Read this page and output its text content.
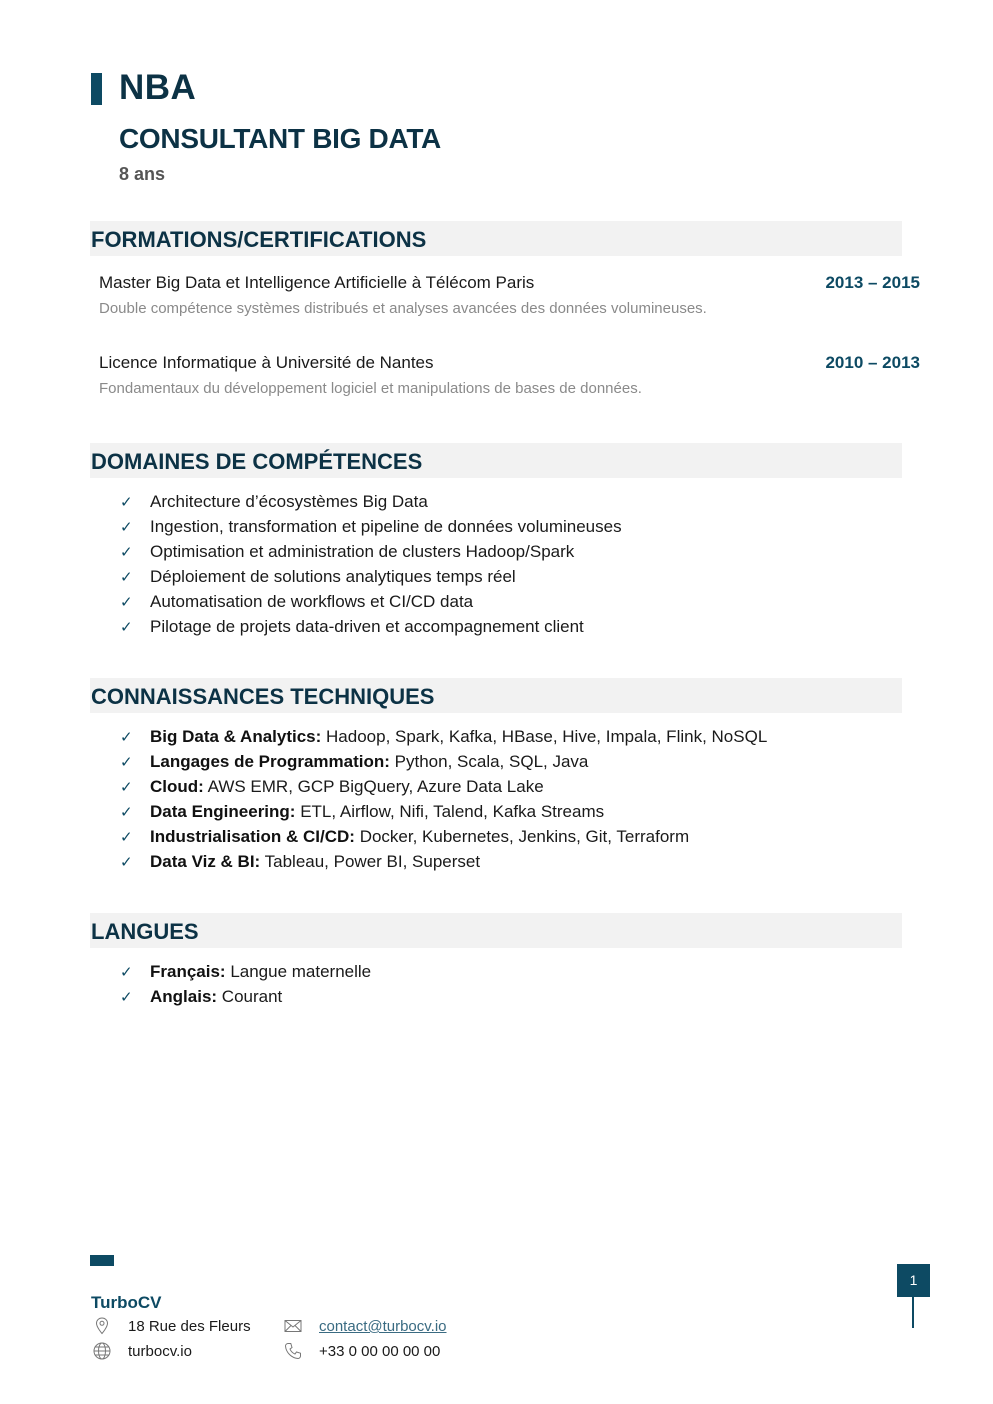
NBA
CONSULTANT BIG DATA
8 ans
FORMATIONS/CERTIFICATIONS
Master Big Data et Intelligence Artificielle à Télécom Paris	2013 – 2015
Double compétence systèmes distribués et analyses avancées des données volumineuses.
Licence Informatique à Université de Nantes	2010 – 2013
Fondamentaux du développement logiciel et manipulations de bases de données.
DOMAINES DE COMPÉTENCES
✓ Architecture d’écosystèmes Big Data
✓ Ingestion, transformation et pipeline de données volumineuses
✓ Optimisation et administration de clusters Hadoop/Spark
✓ Déploiement de solutions analytiques temps réel
✓ Automatisation de workflows et CI/CD data
✓ Pilotage de projets data-driven et accompagnement client
CONNAISSANCES TECHNIQUES
✓ Big Data & Analytics: Hadoop, Spark, Kafka, HBase, Hive, Impala, Flink, NoSQL
✓ Langages de Programmation: Python, Scala, SQL, Java
✓ Cloud: AWS EMR, GCP BigQuery, Azure Data Lake
✓ Data Engineering: ETL, Airflow, Nifi, Talend, Kafka Streams
✓ Industrialisation & CI/CD: Docker, Kubernetes, Jenkins, Git, Terraform
✓ Data Viz & BI: Tableau, Power BI, Superset
LANGUES
✓ Français: Langue maternelle
✓ Anglais: Courant
TurboCV
18 Rue des Fleurs
turbocv.io
contact@turbocv.io
+33 0 00 00 00 00
1
